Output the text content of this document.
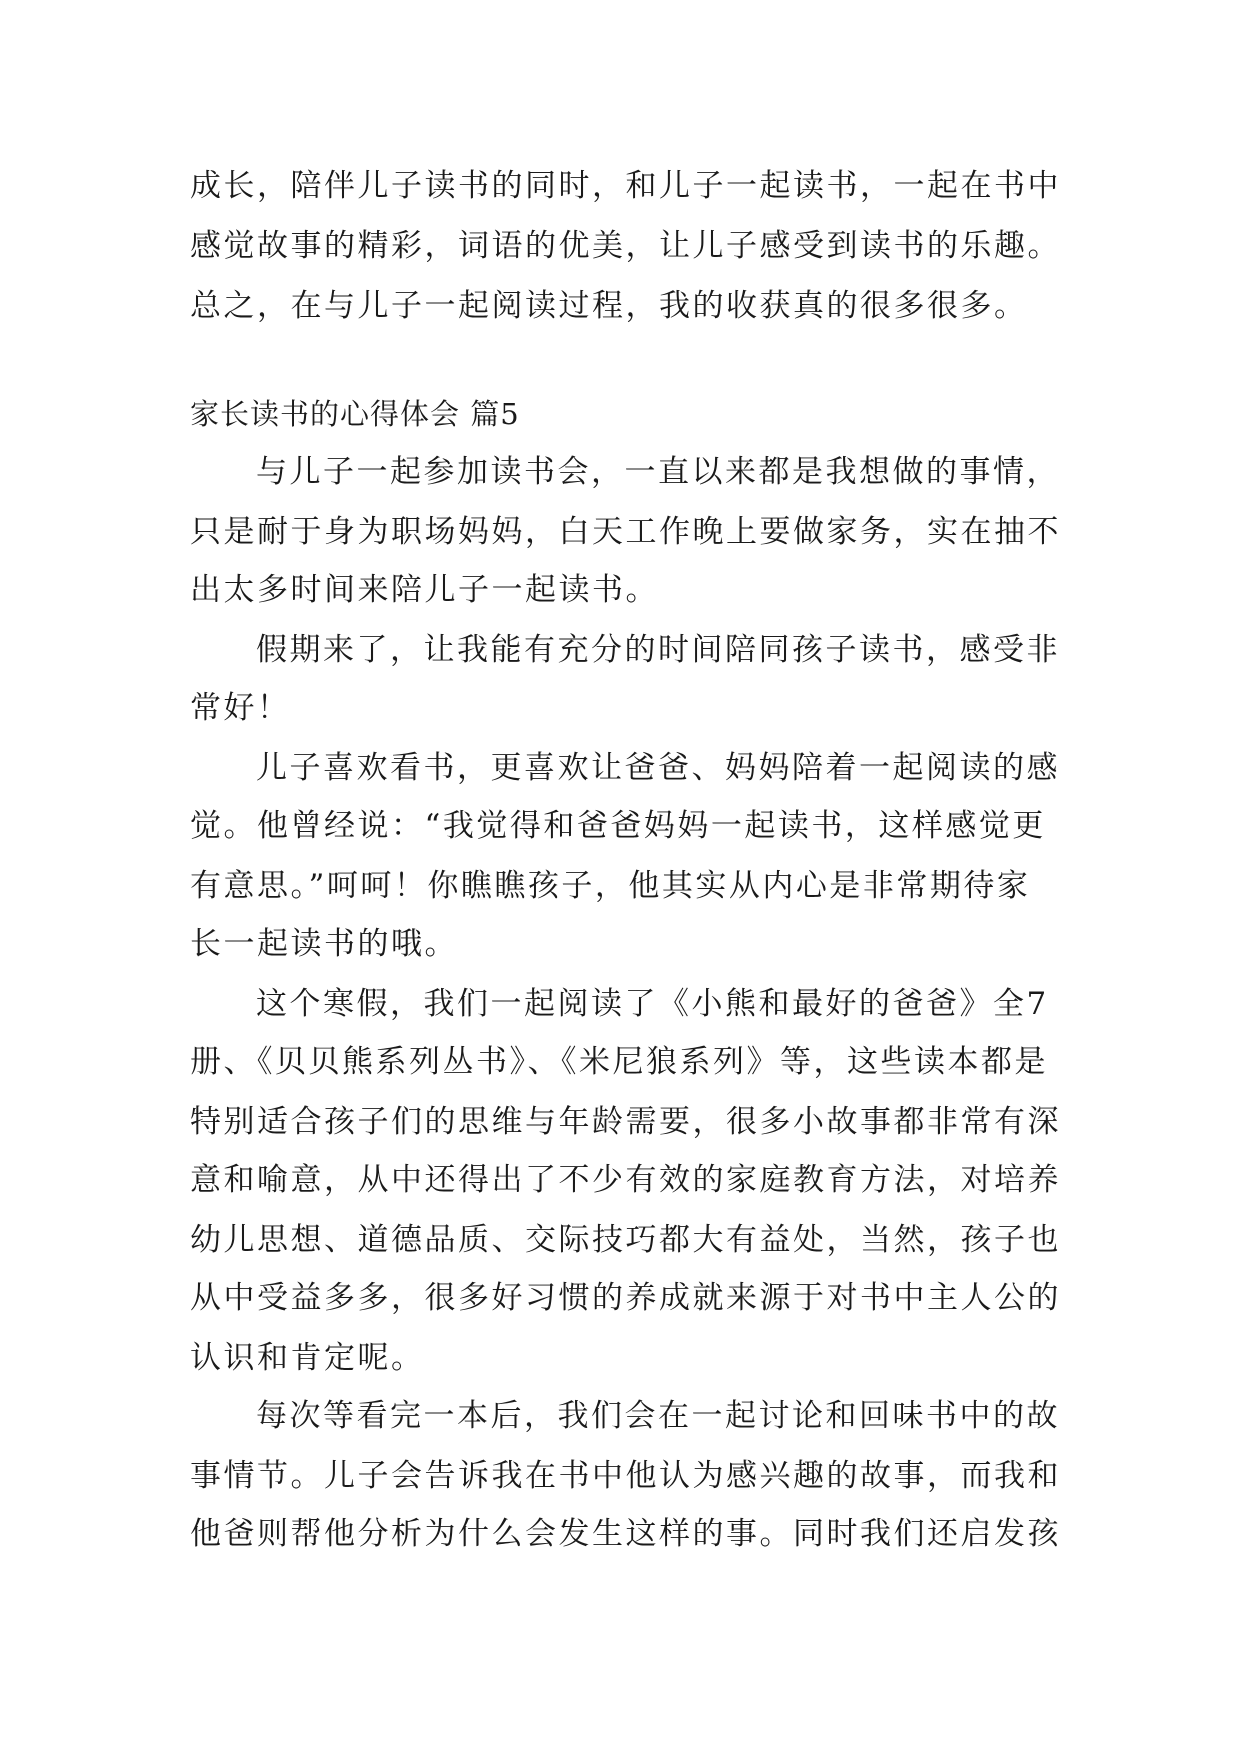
成长，陪伴儿子读书的同时，和儿子一起读书，一起在书中
感觉故事的精彩，词语的优美，让儿子感受到读书的乐趣。
总之，在与儿子一起阅读过程，我的收获真的很多很多。
家长读书的心得体会 篇5
与儿子一起参加读书会，一直以来都是我想做的事情，
只是耐于身为职场妈妈，白天工作晚上要做家务，实在抽不
出太多时间来陪儿子一起读书。
假期来了，让我能有充分的时间陪同孩子读书，感受非
常好！
儿子喜欢看书，更喜欢让爸爸、妈妈陪着一起阅读的感
觉。他曾经说：“我觉得和爸爸妈妈一起读书，这样感觉更
有意思。”呵呵！你瞧瞧孩子，他其实从内心是非常期待家
长一起读书的哦。
这个寒假，我们一起阅读了《小熊和最好的爸爸》全7
册、《贝贝熊系列丛书》、《米尼狼系列》等，这些读本都是
特别适合孩子们的思维与年龄需要，很多小故事都非常有深
意和喻意，从中还得出了不少有效的家庭教育方法，对培养
幼儿思想、道德品质、交际技巧都大有益处，当然，孩子也
从中受益多多，很多好习惯的养成就来源于对书中主人公的
认识和肯定呢。
每次等看完一本后，我们会在一起讨论和回味书中的故
事情节。儿子会告诉我在书中他认为感兴趣的故事，而我和
他爸则帮他分析为什么会发生这样的事。同时我们还启发孩
